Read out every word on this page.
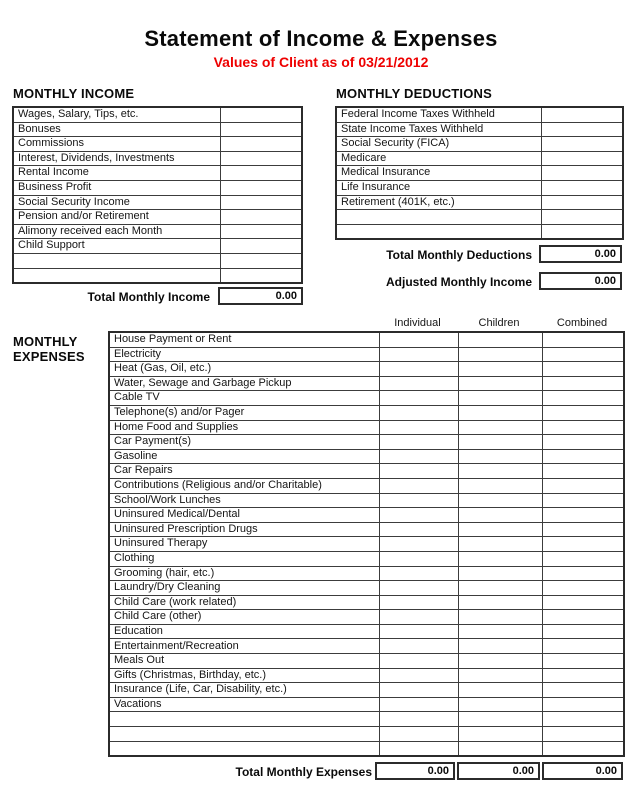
Statement of Income & Expenses
Values of Client as of 03/21/2012
MONTHLY INCOME	MONTHLY DEDUCTIONS
Wages, Salary, Tips, etc.	
Bonuses	
Commissions	
Interest, Dividends, Investments	
Rental Income	
Business Profit	
Social Security Income	
Pension and/or Retirement	
Alimony received each Month	
Child Support	

Federal Income Taxes Withheld	
State Income Taxes Withheld	
Social Security (FICA)	
Medicare	
Medical Insurance	
Life Insurance	
Retirement (401K, etc.)	

Total Monthly Income	0.00
Total Monthly Deductions	0.00
Adjusted Monthly Income	0.00
Individual	Children	Combined
MONTHLY EXPENSES
House Payment or Rent			
Electricity			
Heat (Gas, Oil, etc.)			
Water, Sewage and Garbage Pickup			
Cable TV			
Telephone(s) and/or Pager			
Home Food and Supplies			
Car Payment(s)			
Gasoline			
Car Repairs			
Contributions (Religious and/or Charitable)			
School/Work Lunches			
Uninsured Medical/Dental			
Uninsured Prescription Drugs			
Uninsured Therapy			
Clothing			
Grooming (hair, etc.)			
Laundry/Dry Cleaning			
Child Care (work related)			
Child Care (other)			
Education			
Entertainment/Recreation			
Meals Out			
Gifts (Christmas, Birthday, etc.)			
Insurance (Life, Car, Disability, etc.)			
Vacations			

Total Monthly Expenses	0.00	0.00	0.00
